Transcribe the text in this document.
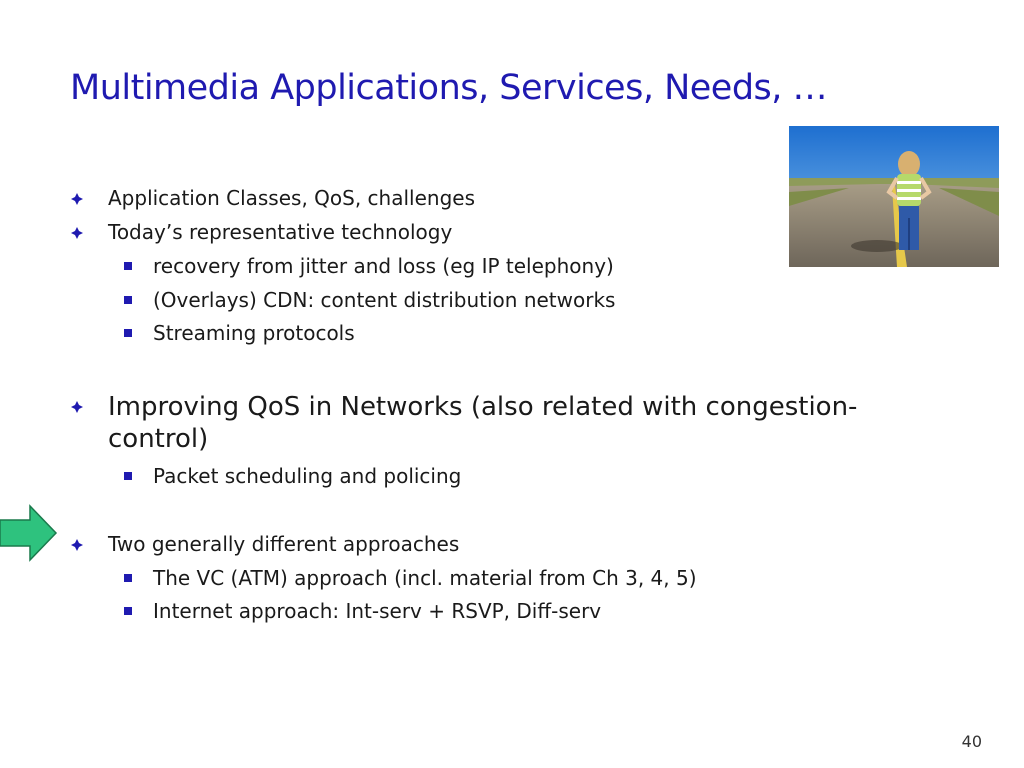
Multimedia Applications, Services, Needs, …
Application Classes, QoS, challenges
Today’s representative technology
recovery from jitter and loss (eg IP telephony)
(Overlays) CDN: content distribution networks
Streaming protocols
Improving QoS in Networks (also related with congestion-
control)
Packet scheduling and policing
Two generally different approaches
The VC (ATM) approach (incl. material from Ch 3, 4, 5)
Internet approach: Int-serv + RSVP, Diff-serv
40
